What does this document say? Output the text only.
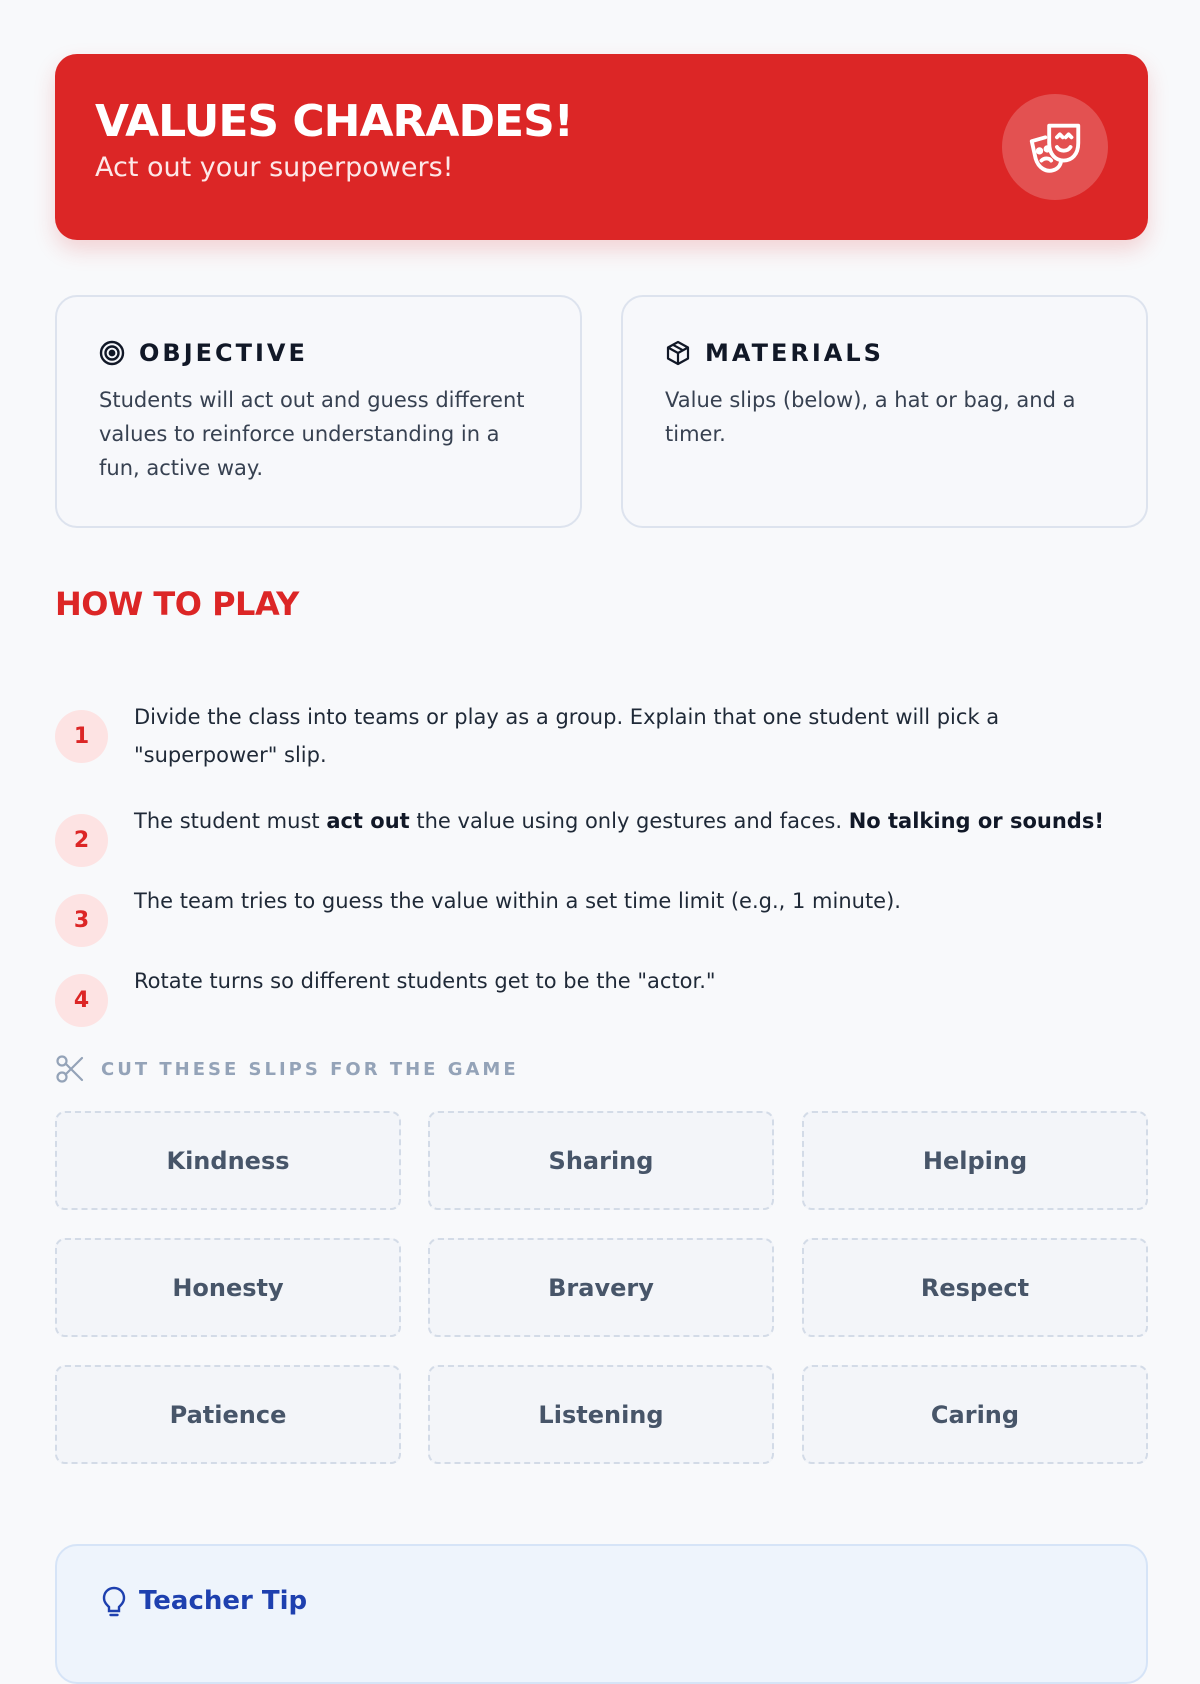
VALUES CHARADES!
Act out your superpowers!
OBJECTIVE

Students will act out and guess different values to reinforce understanding in a fun, active way.

MATERIALS

Value slips (below), a hat or bag, and a timer.

HOW TO PLAY
1
Divide the class into teams or play as a group. Explain that one student will pick a "superpower" slip.
2
The student must act out the value using only gestures and faces. No talking or sounds!
3
The team tries to guess the value within a set time limit (e.g., 1 minute).
4
Rotate turns so different students get to be the "actor."
CUT THESE SLIPS FOR THE GAME
Kindness	Sharing	Helping
Honesty	Bravery	Respect
Patience	Listening	Caring
Teacher Tip
